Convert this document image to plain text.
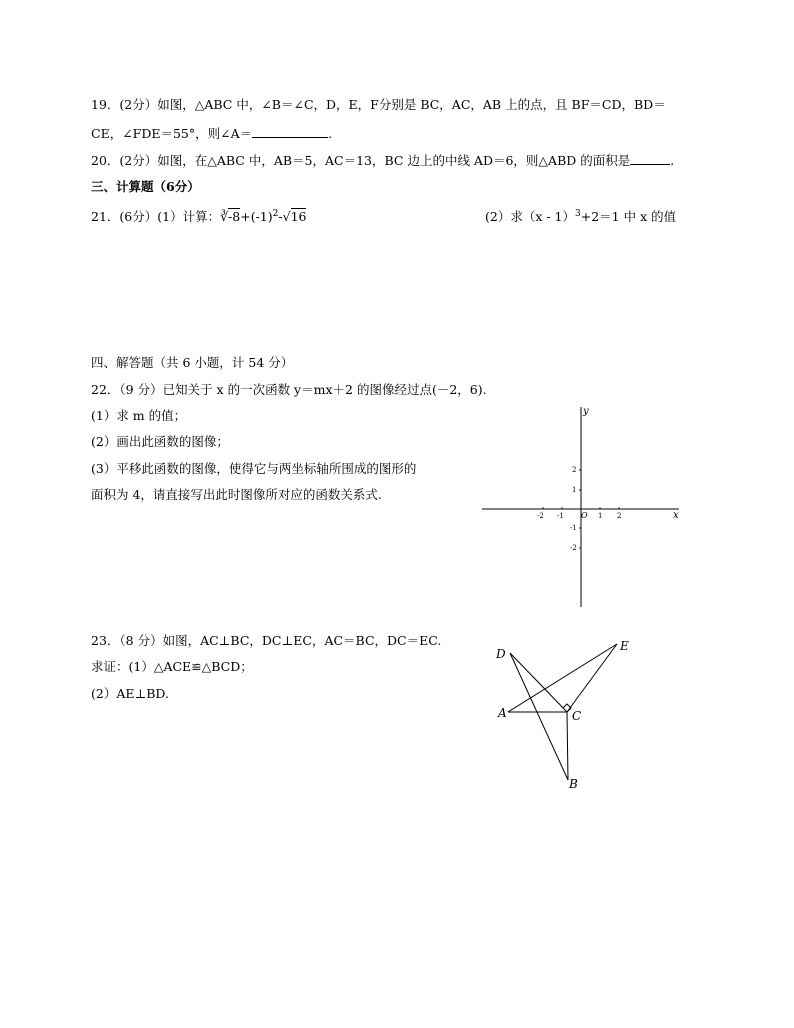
19．(2分）如图，△ABC 中，∠B＝∠C，D，E，F分别是 BC，AC，AB 上的点，且 BF＝CD，BD＝
CE，∠FDE＝55°，则∠A＝	.
20．(2分）如图，在△ABC 中，AB＝5，AC＝13，BC 边上的中线 AD＝6，则△ABD 的面积是	.
三、计算题（6分）
21．(6分）(1）计算：$∛-8+(-1)^2-√16$	(2）求（x - 1）$^3$+2＝1 中 x 的值
四、解答题（共 6 小题，计 54 分）
22．（9 分）已知关于 x 的一次函数 y＝mx＋2 的图像经过点(－2，6).
(1）求 m 的值；
(2）画出此函数的图像；
(3）平移此函数的图像，使得它与两坐标轴所围成的图形的
面积为 4，请直接写出此时图像所对应的函数关系式.
x
y
O
-2 -1	1 2
2
1
-1
-2
23．（8 分）如图，AC⊥BC，DC⊥EC，AC＝BC，DC＝EC.
求证：(1）△ACE≌△BCD；
(2）AE⊥BD.
D
E
A	C
B
